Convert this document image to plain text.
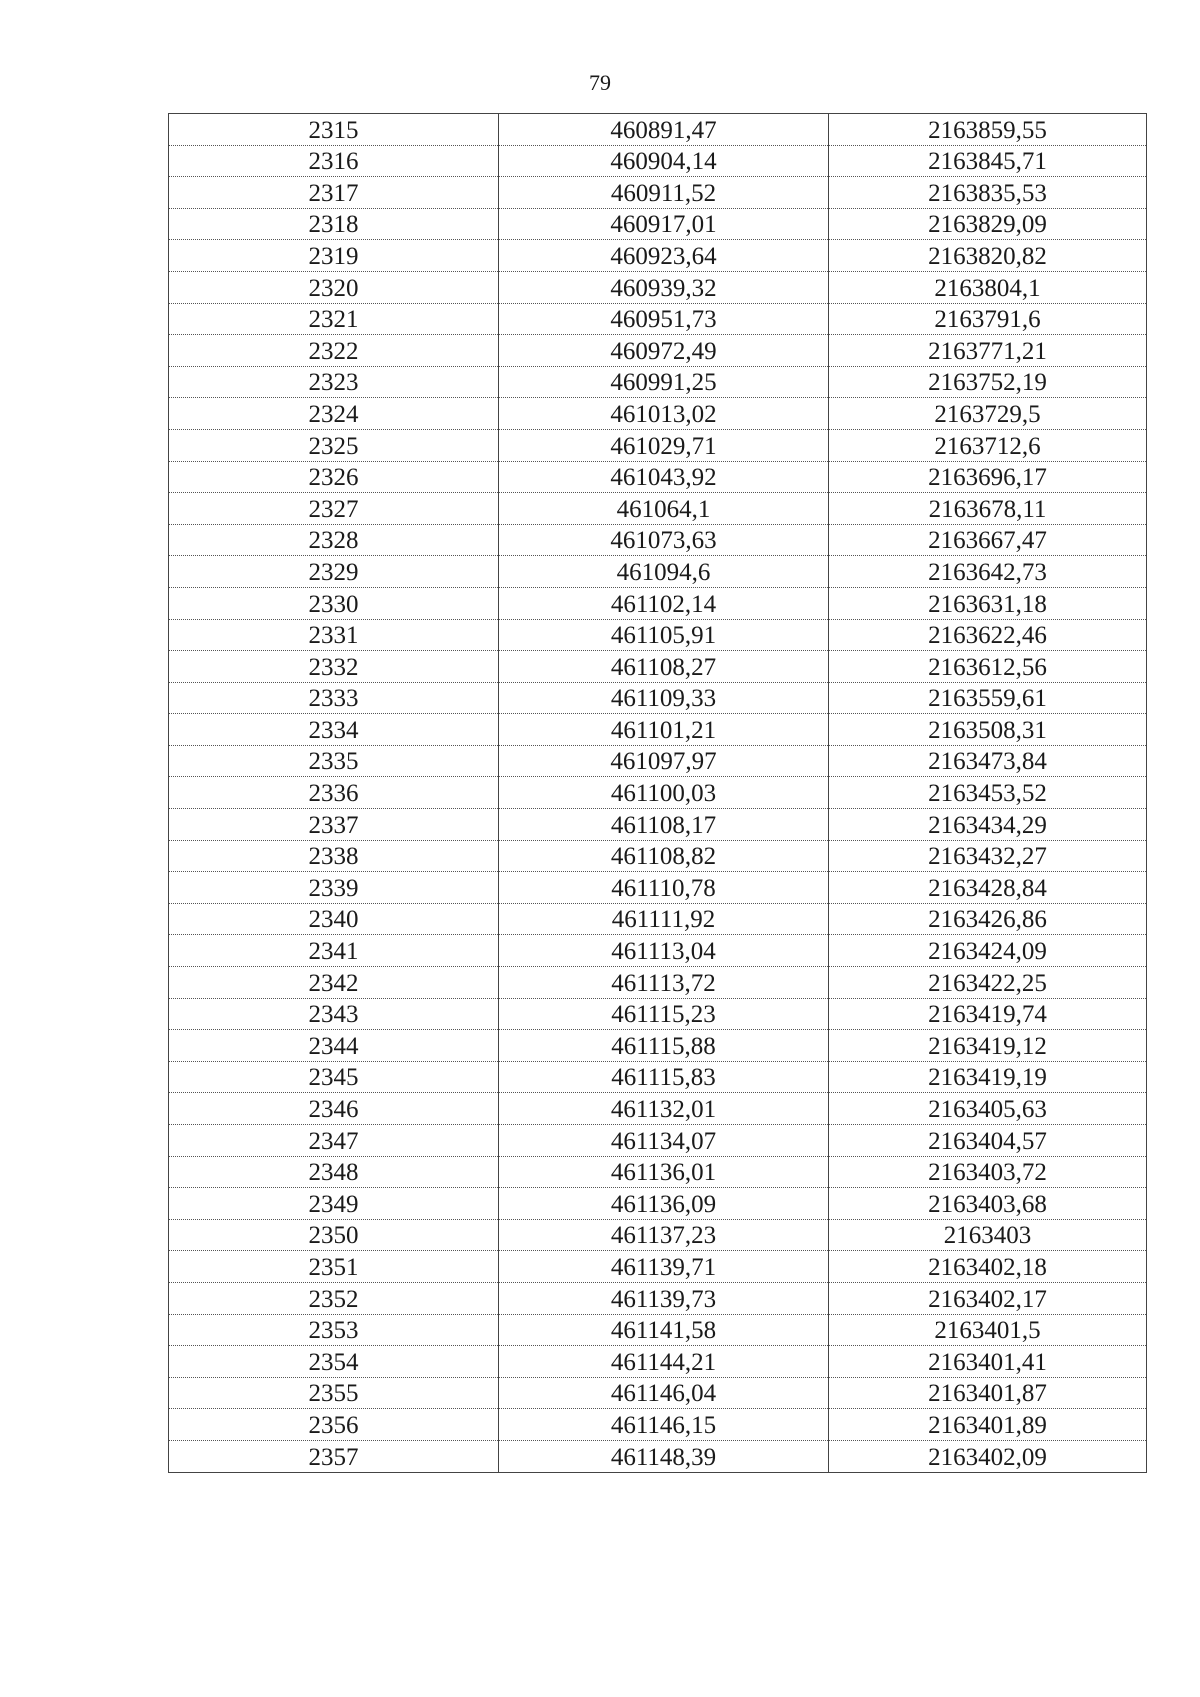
79
2315	460891,47	2163859,55
2316	460904,14	2163845,71
2317	460911,52	2163835,53
2318	460917,01	2163829,09
2319	460923,64	2163820,82
2320	460939,32	2163804,1
2321	460951,73	2163791,6
2322	460972,49	2163771,21
2323	460991,25	2163752,19
2324	461013,02	2163729,5
2325	461029,71	2163712,6
2326	461043,92	2163696,17
2327	461064,1	2163678,11
2328	461073,63	2163667,47
2329	461094,6	2163642,73
2330	461102,14	2163631,18
2331	461105,91	2163622,46
2332	461108,27	2163612,56
2333	461109,33	2163559,61
2334	461101,21	2163508,31
2335	461097,97	2163473,84
2336	461100,03	2163453,52
2337	461108,17	2163434,29
2338	461108,82	2163432,27
2339	461110,78	2163428,84
2340	461111,92	2163426,86
2341	461113,04	2163424,09
2342	461113,72	2163422,25
2343	461115,23	2163419,74
2344	461115,88	2163419,12
2345	461115,83	2163419,19
2346	461132,01	2163405,63
2347	461134,07	2163404,57
2348	461136,01	2163403,72
2349	461136,09	2163403,68
2350	461137,23	2163403
2351	461139,71	2163402,18
2352	461139,73	2163402,17
2353	461141,58	2163401,5
2354	461144,21	2163401,41
2355	461146,04	2163401,87
2356	461146,15	2163401,89
2357	461148,39	2163402,09
